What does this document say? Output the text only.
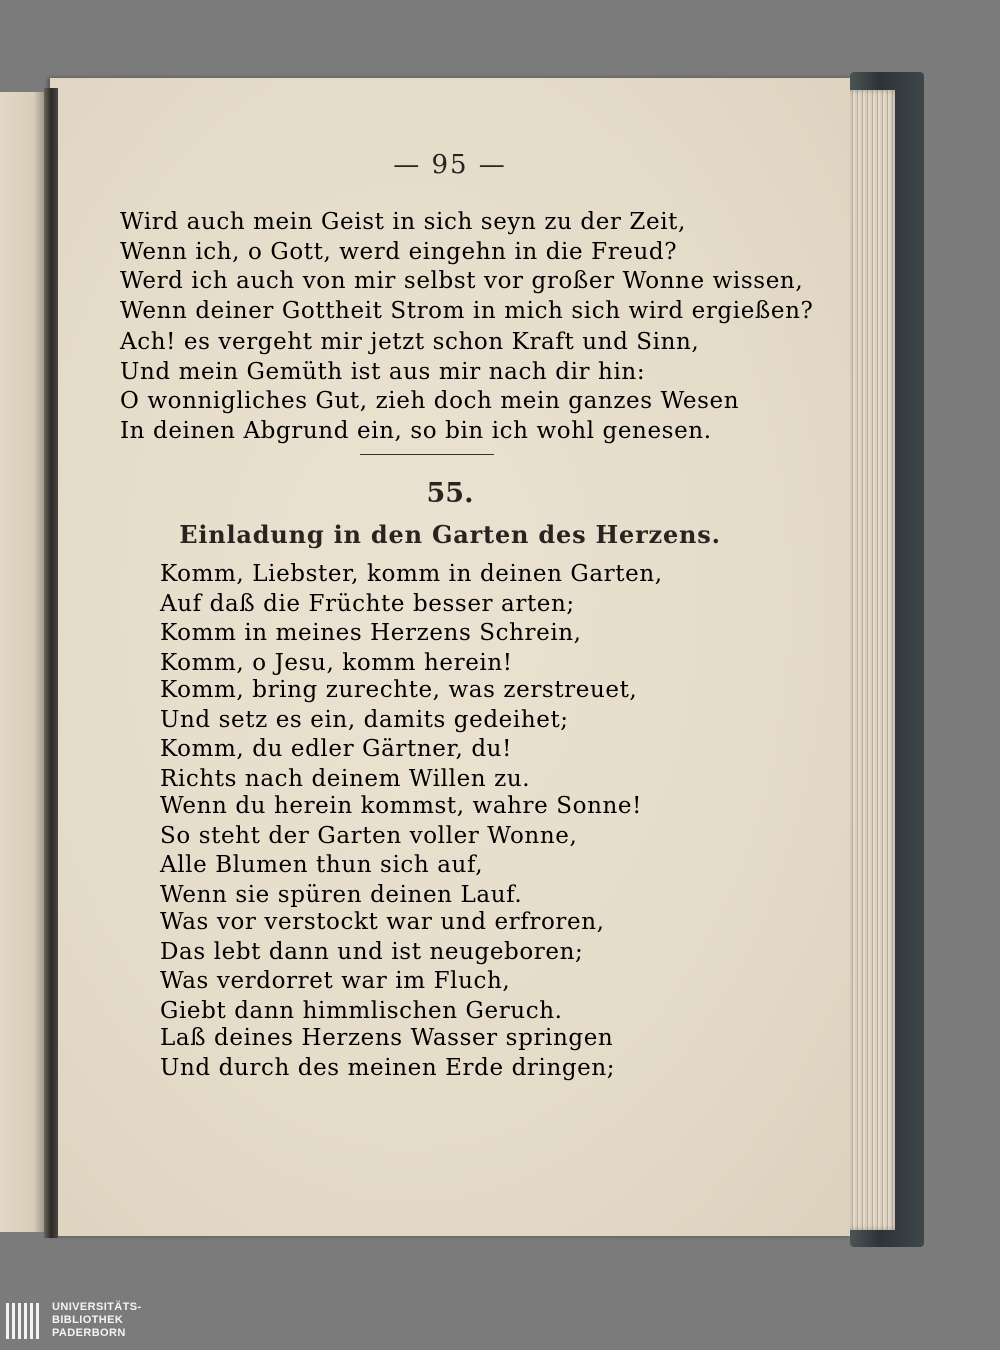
— 95 —
Wird auch mein Geist in sich seyn zu der Zeit,
Wenn ich, o Gott, werd eingehn in die Freud?
Werd ich auch von mir selbst vor großer Wonne wissen,
Wenn deiner Gottheit Strom in mich sich wird ergießen?
Ach! es vergeht mir jetzt schon Kraft und Sinn,
Und mein Gemüth ist aus mir nach dir hin:
O wonnigliches Gut, zieh doch mein ganzes Wesen
In deinen Abgrund ein, so bin ich wohl genesen.
55.
Einladung in den Garten des Herzens.
Komm, Liebster, komm in deinen Garten,
Auf daß die Früchte besser arten;
Komm in meines Herzens Schrein,
Komm, o Jesu, komm herein!
Komm, bring zurechte, was zerstreuet,
Und setz es ein, damits gedeihet;
Komm, du edler Gärtner, du!
Richts nach deinem Willen zu.
Wenn du herein kommst, wahre Sonne!
So steht der Garten voller Wonne,
Alle Blumen thun sich auf,
Wenn sie spüren deinen Lauf.
Was vor verstockt war und erfroren,
Das lebt dann und ist neugeboren;
Was verdorret war im Fluch,
Giebt dann himmlischen Geruch.
Laß deines Herzens Wasser springen
Und durch des meinen Erde dringen;
UNIVERSITÄTS-
BIBLIOTHEK
PADERBORN
